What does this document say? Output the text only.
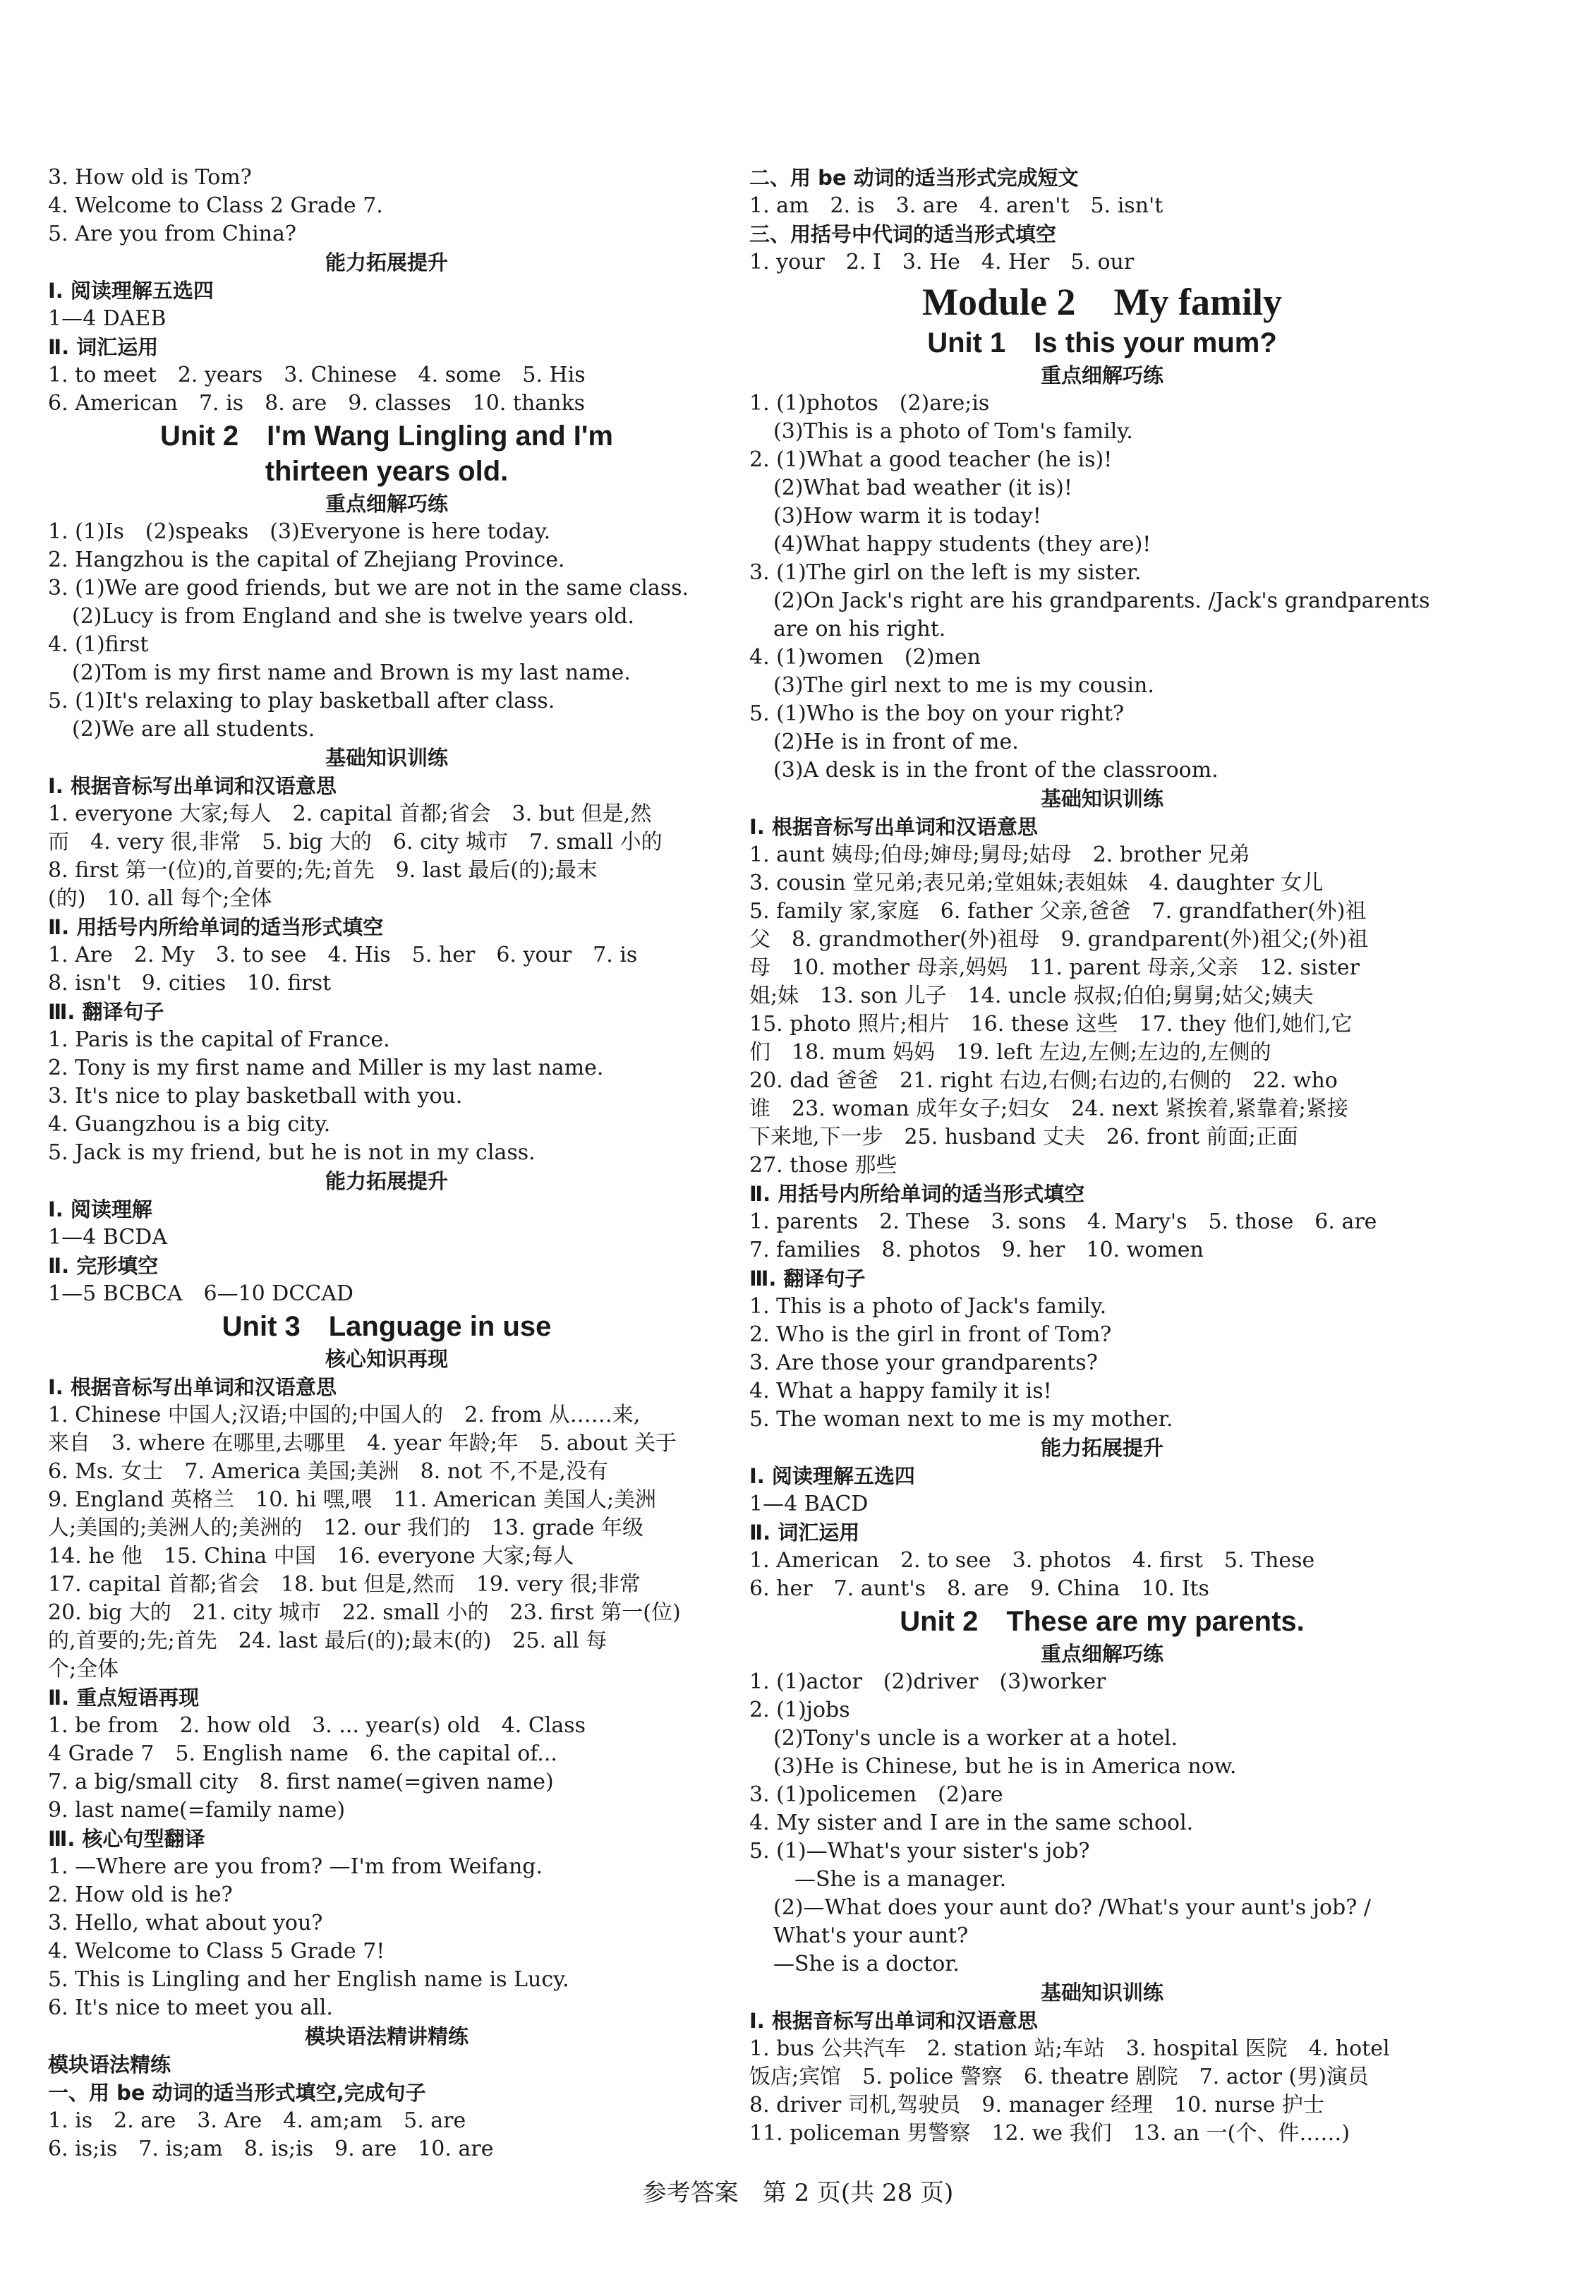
3. How old is Tom?
4. Welcome to Class 2 Grade 7.
5. Are you from China?
能力拓展提升
Ⅰ. 阅读理解五选四
1—4 DAEB
Ⅱ. 词汇运用
1. to meet　2. years　3. Chinese　4. some　5. His
6. American　7. is　8. are　9. classes　10. thanks
Unit 2　I'm Wang Lingling and I'm
thirteen years old.
重点细解巧练
1. (1)Is　(2)speaks　(3)Everyone is here today.
2. Hangzhou is the capital of Zhejiang Province.
3. (1)We are good friends, but we are not in the same class.
(2)Lucy is from England and she is twelve years old.
4. (1)first
(2)Tom is my first name and Brown is my last name.
5. (1)It's relaxing to play basketball after class.
(2)We are all students.
基础知识训练
Ⅰ. 根据音标写出单词和汉语意思
1. everyone 大家;每人　2. capital 首都;省会　3. but 但是,然
而　4. very 很,非常　5. big 大的　6. city 城市　7. small 小的
8. first 第一(位)的,首要的;先;首先　9. last 最后(的);最末
(的)　10. all 每个;全体
Ⅱ. 用括号内所给单词的适当形式填空
1. Are　2. My　3. to see　4. His　5. her　6. your　7. is
8. isn't　9. cities　10. first
Ⅲ. 翻译句子
1. Paris is the capital of France.
2. Tony is my first name and Miller is my last name.
3. It's nice to play basketball with you.
4. Guangzhou is a big city.
5. Jack is my friend, but he is not in my class.
能力拓展提升
Ⅰ. 阅读理解
1—4 BCDA
Ⅱ. 完形填空
1—5 BCBCA　6—10 DCCAD
Unit 3　Language in use
核心知识再现
Ⅰ. 根据音标写出单词和汉语意思
1. Chinese 中国人;汉语;中国的;中国人的　2. from 从……来,
来自　3. where 在哪里,去哪里　4. year 年龄;年　5. about 关于
6. Ms. 女士　7. America 美国;美洲　8. not 不,不是,没有
9. England 英格兰　10. hi 嘿,喂　11. American 美国人;美洲
人;美国的;美洲人的;美洲的　12. our 我们的　13. grade 年级
14. he 他　15. China 中国　16. everyone 大家;每人
17. capital 首都;省会　18. but 但是,然而　19. very 很;非常
20. big 大的　21. city 城市　22. small 小的　23. first 第一(位)
的,首要的;先;首先　24. last 最后(的);最末(的)　25. all 每
个;全体
Ⅱ. 重点短语再现
1. be from　2. how old　3. ... year(s) old　4. Class
4 Grade 7　5. English name　6. the capital of...
7. a big/small city　8. first name(=given name)
9. last name(=family name)
Ⅲ. 核心句型翻译
1. —Where are you from? —I'm from Weifang.
2. How old is he?
3. Hello, what about you?
4. Welcome to Class 5 Grade 7!
5. This is Lingling and her English name is Lucy.
6. It's nice to meet you all.
模块语法精讲精练
模块语法精练
一、用 be 动词的适当形式填空,完成句子
1. is　2. are　3. Are　4. am;am　5. are
6. is;is　7. is;am　8. is;is　9. are　10. are
二、用 be 动词的适当形式完成短文
1. am　2. is　3. are　4. aren't　5. isn't
三、用括号中代词的适当形式填空
1. your　2. I　3. He　4. Her　5. our
Module 2　My family
Unit 1　Is this your mum?
重点细解巧练
1. (1)photos　(2)are;is
(3)This is a photo of Tom's family.
2. (1)What a good teacher (he is)!
(2)What bad weather (it is)!
(3)How warm it is today!
(4)What happy students (they are)!
3. (1)The girl on the left is my sister.
(2)On Jack's right are his grandparents. /Jack's grandparents
are on his right.
4. (1)women　(2)men
(3)The girl next to me is my cousin.
5. (1)Who is the boy on your right?
(2)He is in front of me.
(3)A desk is in the front of the classroom.
基础知识训练
Ⅰ. 根据音标写出单词和汉语意思
1. aunt 姨母;伯母;婶母;舅母;姑母　2. brother 兄弟
3. cousin 堂兄弟;表兄弟;堂姐妹;表姐妹　4. daughter 女儿
5. family 家,家庭　6. father 父亲,爸爸　7. grandfather(外)祖
父　8. grandmother(外)祖母　9. grandparent(外)祖父;(外)祖
母　10. mother 母亲,妈妈　11. parent 母亲,父亲　12. sister
姐;妹　13. son 儿子　14. uncle 叔叔;伯伯;舅舅;姑父;姨夫
15. photo 照片;相片　16. these 这些　17. they 他们,她们,它
们　18. mum 妈妈　19. left 左边,左侧;左边的,左侧的
20. dad 爸爸　21. right 右边,右侧;右边的,右侧的　22. who
谁　23. woman 成年女子;妇女　24. next 紧挨着,紧靠着;紧接
下来地,下一步　25. husband 丈夫　26. front 前面;正面
27. those 那些
Ⅱ. 用括号内所给单词的适当形式填空
1. parents　2. These　3. sons　4. Mary's　5. those　6. are
7. families　8. photos　9. her　10. women
Ⅲ. 翻译句子
1. This is a photo of Jack's family.
2. Who is the girl in front of Tom?
3. Are those your grandparents?
4. What a happy family it is!
5. The woman next to me is my mother.
能力拓展提升
Ⅰ. 阅读理解五选四
1—4 BACD
Ⅱ. 词汇运用
1. American　2. to see　3. photos　4. first　5. These
6. her　7. aunt's　8. are　9. China　10. Its
Unit 2　These are my parents.
重点细解巧练
1. (1)actor　(2)driver　(3)worker
2. (1)jobs
(2)Tony's uncle is a worker at a hotel.
(3)He is Chinese, but he is in America now.
3. (1)policemen　(2)are
4. My sister and I are in the same school.
5. (1)—What's your sister's job?
　—She is a manager.
(2)—What does your aunt do? /What's your aunt's job? /
What's your aunt?
—She is a doctor.
基础知识训练
Ⅰ. 根据音标写出单词和汉语意思
1. bus 公共汽车　2. station 站;车站　3. hospital 医院　4. hotel
饭店;宾馆　5. police 警察　6. theatre 剧院　7. actor (男)演员
8. driver 司机,驾驶员　9. manager 经理　10. nurse 护士
11. policeman 男警察　12. we 我们　13. an 一(个、件……)
参考答案　第 2 页(共 28 页)
